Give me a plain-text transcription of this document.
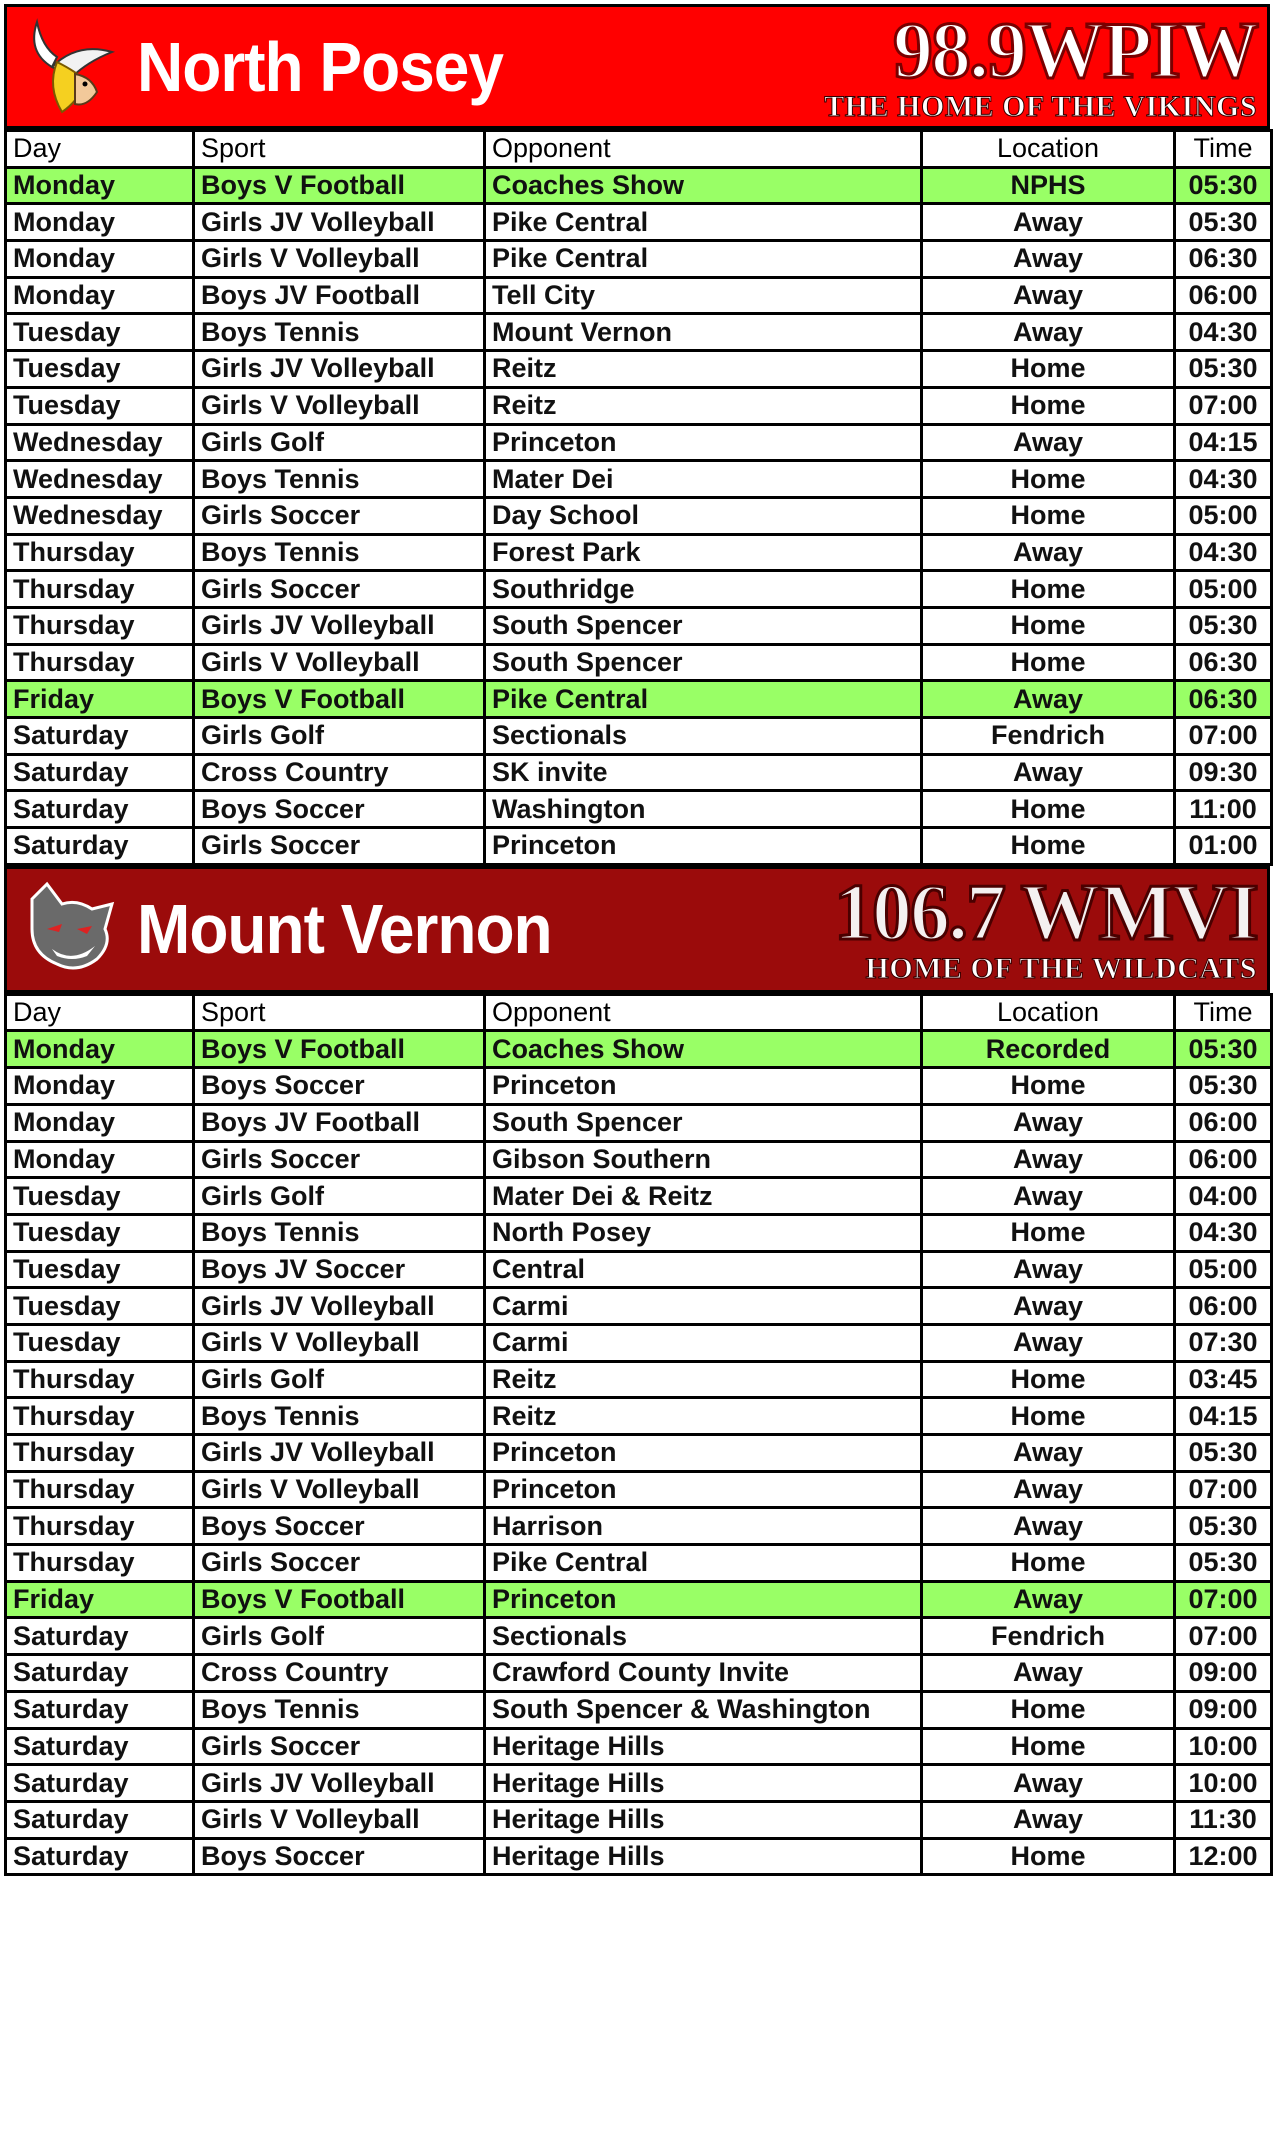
North Posey	98.9WPIW
THE HOME OF THE VIKINGS
Day	Sport	Opponent	Location	Time
Monday	Boys V Football	Coaches Show	NPHS	05:30
Monday	Girls JV Volleyball	Pike Central	Away	05:30
Monday	Girls V Volleyball	Pike Central	Away	06:30
Monday	Boys JV Football	Tell City	Away	06:00
Tuesday	Boys Tennis	Mount Vernon	Away	04:30
Tuesday	Girls JV Volleyball	Reitz	Home	05:30
Tuesday	Girls V Volleyball	Reitz	Home	07:00
Wednesday	Girls Golf	Princeton	Away	04:15
Wednesday	Boys Tennis	Mater Dei	Home	04:30
Wednesday	Girls Soccer	Day School	Home	05:00
Thursday	Boys Tennis	Forest Park	Away	04:30
Thursday	Girls Soccer	Southridge	Home	05:00
Thursday	Girls JV Volleyball	South Spencer	Home	05:30
Thursday	Girls V Volleyball	South Spencer	Home	06:30
Friday	Boys V Football	Pike Central	Away	06:30
Saturday	Girls Golf	Sectionals	Fendrich	07:00
Saturday	Cross Country	SK invite	Away	09:30
Saturday	Boys Soccer	Washington	Home	11:00
Saturday	Girls Soccer	Princeton	Home	01:00
Mount Vernon	106.7 WMVI
HOME OF THE WILDCATS
Day	Sport	Opponent	Location	Time
Monday	Boys V Football	Coaches Show	Recorded	05:30
Monday	Boys Soccer	Princeton	Home	05:30
Monday	Boys JV Football	South Spencer	Away	06:00
Monday	Girls Soccer	Gibson Southern	Away	06:00
Tuesday	Girls Golf	Mater Dei & Reitz	Away	04:00
Tuesday	Boys Tennis	North Posey	Home	04:30
Tuesday	Boys JV Soccer	Central	Away	05:00
Tuesday	Girls JV Volleyball	Carmi	Away	06:00
Tuesday	Girls V Volleyball	Carmi	Away	07:30
Thursday	Girls Golf	Reitz	Home	03:45
Thursday	Boys Tennis	Reitz	Home	04:15
Thursday	Girls JV Volleyball	Princeton	Away	05:30
Thursday	Girls V Volleyball	Princeton	Away	07:00
Thursday	Boys Soccer	Harrison	Away	05:30
Thursday	Girls Soccer	Pike Central	Home	05:30
Friday	Boys V Football	Princeton	Away	07:00
Saturday	Girls Golf	Sectionals	Fendrich	07:00
Saturday	Cross Country	Crawford County Invite	Away	09:00
Saturday	Boys Tennis	South Spencer & Washington	Home	09:00
Saturday	Girls Soccer	Heritage Hills	Home	10:00
Saturday	Girls JV Volleyball	Heritage Hills	Away	10:00
Saturday	Girls V Volleyball	Heritage Hills	Away	11:30
Saturday	Boys Soccer	Heritage Hills	Home	12:00
